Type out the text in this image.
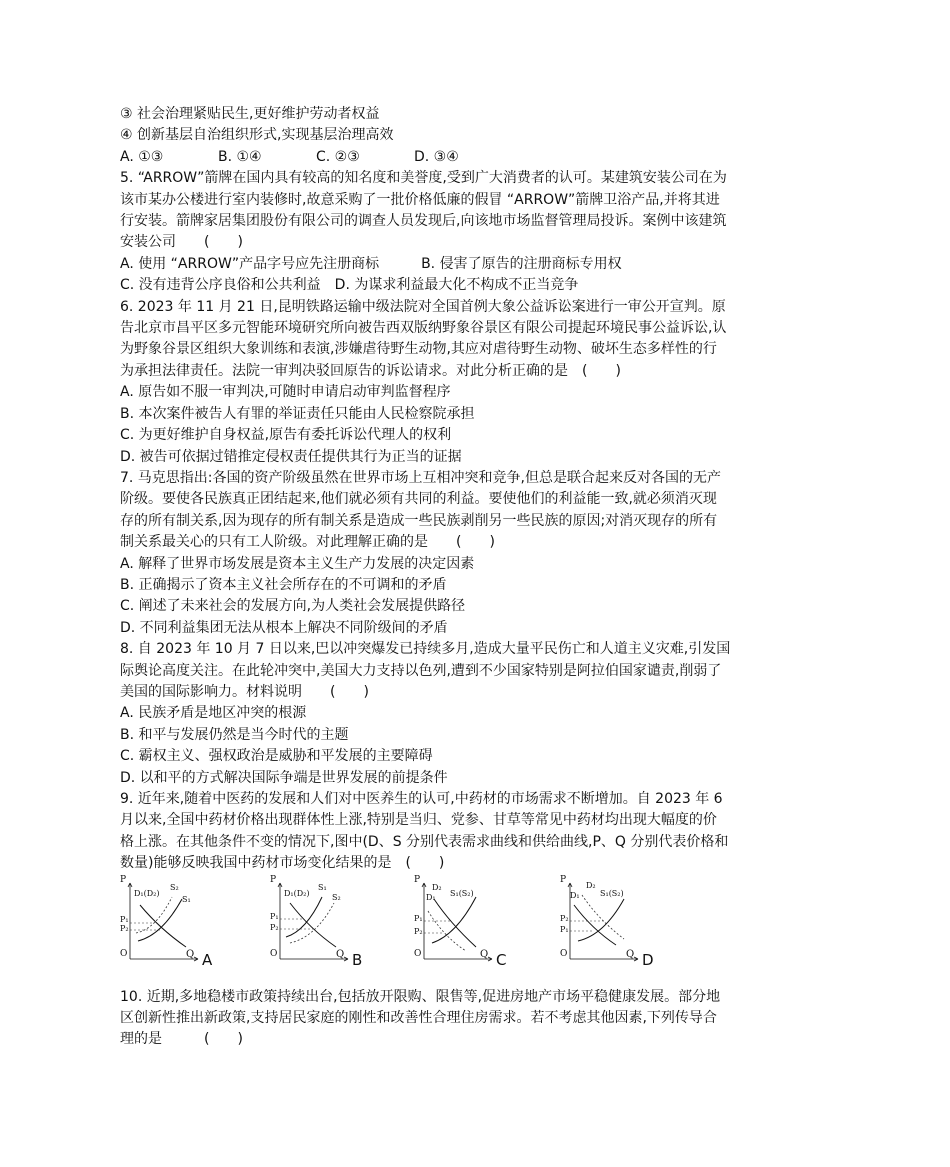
③ 社会治理紧贴民生,更好维护劳动者权益

④ 创新基层自治组织形式,实现基层治理高效

A. ①③	B. ①④	C. ②③	D. ③④

5. “ARROW”箭牌在国内具有较高的知名度和美誉度,受到广大消费者的认可。某建筑安装公司在为

该市某办公楼进行室内装修时,故意采购了一批价格低廉的假冒 “ARROW”箭牌卫浴产品,并将其进

行安装。箭牌家居集团股份有限公司的调查人员发现后,向该地市场监督管理局投诉。案例中该建筑

安装公司　　(　　)

A. 使用 “ARROW”产品字号应先注册商标　　　B. 侵害了原告的注册商标专用权

C. 没有违背公序良俗和公共利益　D. 为谋求利益最大化不构成不正当竞争

6. 2023 年 11 月 21 日,昆明铁路运输中级法院对全国首例大象公益诉讼案进行一审公开宣判。原

告北京市昌平区多元智能环境研究所向被告西双版纳野象谷景区有限公司提起环境民事公益诉讼,认

为野象谷景区组织大象训练和表演,涉嫌虐待野生动物,其应对虐待野生动物、破坏生态多样性的行

为承担法律责任。法院一审判决驳回原告的诉讼请求。对此分析正确的是　(　　)

A. 原告如不服一审判决,可随时申请启动审判监督程序

B. 本次案件被告人有罪的举证责任只能由人民检察院承担

C. 为更好维护自身权益,原告有委托诉讼代理人的权利

D. 被告可依据过错推定侵权责任提供其行为正当的证据

7. 马克思指出:各国的资产阶级虽然在世界市场上互相冲突和竞争,但总是联合起来反对各国的无产

阶级。要使各民族真正团结起来,他们就必须有共同的利益。要使他们的利益能一致,就必须消灭现

存的所有制关系,因为现存的所有制关系是造成一些民族剥削另一些民族的原因;对消灭现存的所有

制关系最关心的只有工人阶级。对此理解正确的是　　(　　)

A. 解释了世界市场发展是资本主义生产力发展的决定因素

B. 正确揭示了资本主义社会所存在的不可调和的矛盾

C. 阐述了未来社会的发展方向,为人类社会发展提供路径

D. 不同利益集团无法从根本上解决不同阶级间的矛盾

8. 自 2023 年 10 月 7 日以来,巴以冲突爆发已持续多月,造成大量平民伤亡和人道主义灾难,引发国

际舆论高度关注。在此轮冲突中,美国大力支持以色列,遭到不少国家特别是阿拉伯国家谴责,削弱了

美国的国际影响力。材料说明　　(　　)

A. 民族矛盾是地区冲突的根源

B. 和平与发展仍然是当今时代的主题

C. 霸权主义、强权政治是威胁和平发展的主要障碍

D. 以和平的方式解决国际争端是世界发展的前提条件

9. 近年来,随着中医药的发展和人们对中医养生的认可,中药材的市场需求不断增加。自 2023 年 6

月以来,全国中药材价格出现群体性上涨,特别是当归、党参、甘草等常见中药材均出现大幅度的价

格上涨。在其他条件不变的情况下,图中(D、S 分别代表需求曲线和供给曲线,P、Q 分别代表价格和

数量)能够反映我国中药材市场变化结果的是　(　　)

P
Q
O
P₁
P₂
D₁(D₂)
S₂
S₁
A
P
Q
O
P₁
P₂
D₁(D₂)
S₁
S₂
B
P
Q
O
P₁
P₂
D₂
D₁ S₁(S₂)
C
P
Q
O
P₂
P₁
D₂
D₁	S₁(S₂)
D

10. 近期,多地稳楼市政策持续出台,包括放开限购、限售等,促进房地产市场平稳健康发展。部分地

区创新性推出新政策,支持居民家庭的刚性和改善性合理住房需求。若不考虑其他因素,下列传导合

理的是　　　(　　)
